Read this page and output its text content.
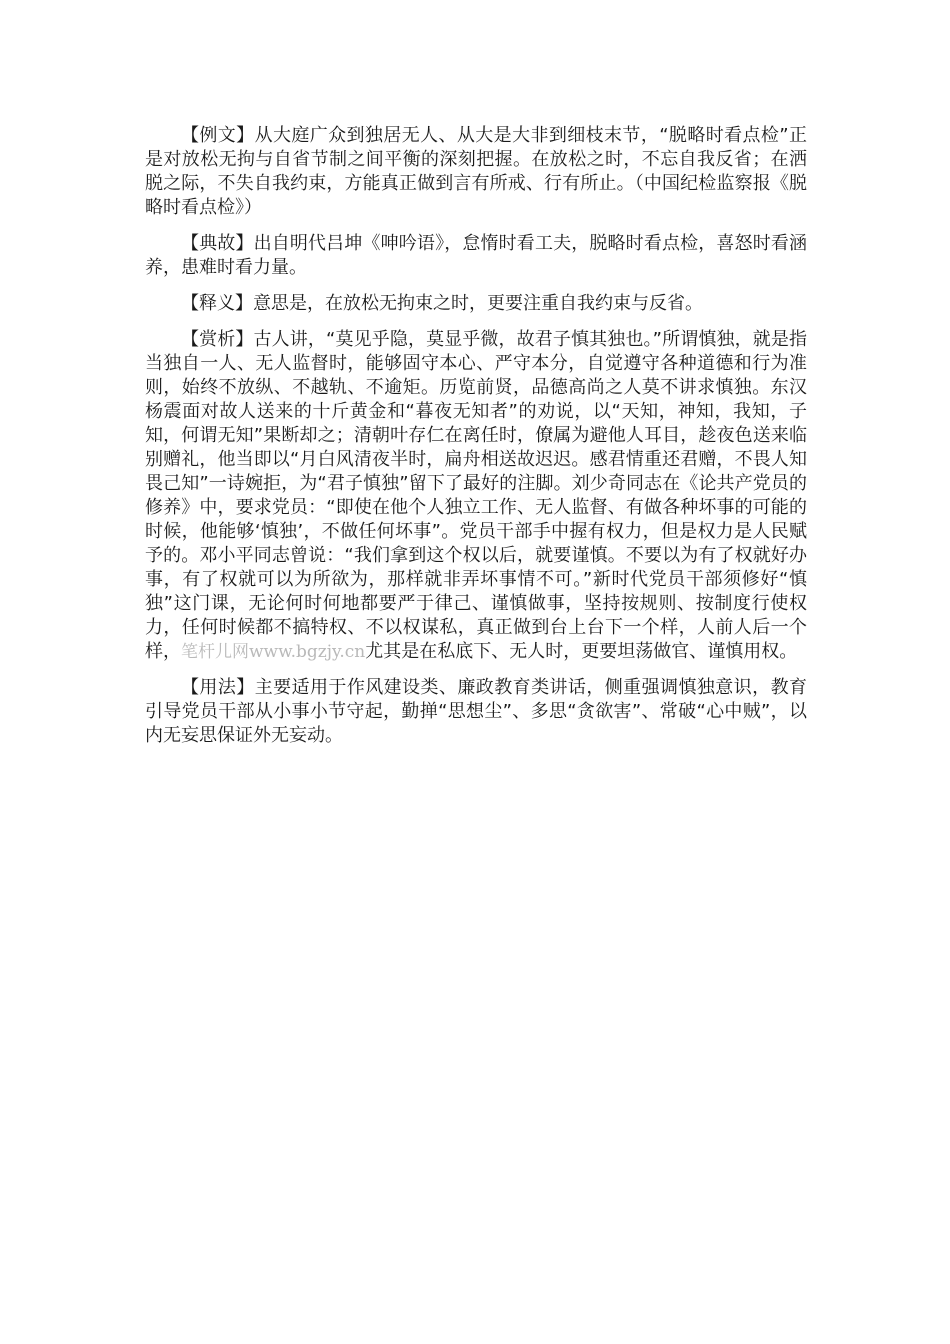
【例文】从大庭广众到独居无人、从大是大非到细枝末节，“脱略时看点检”正是对放松无拘与自省节制之间平衡的深刻把握。在放松之时，不忘自我反省；在洒脱之际，不失自我约束，方能真正做到言有所戒、行有所止。（中国纪检监察报《脱略时看点检》）

【典故】出自明代吕坤《呻吟语》，怠惰时看工夫，脱略时看点检，喜怒时看涵养，患难时看力量。

【释义】意思是，在放松无拘束之时，更要注重自我约束与反省。

【赏析】古人讲，“莫见乎隐，莫显乎微，故君子慎其独也。”所谓慎独，就是指当独自一人、无人监督时，能够固守本心、严守本分，自觉遵守各种道德和行为准则，始终不放纵、不越轨、不逾矩。历览前贤，品德高尚之人莫不讲求慎独。东汉杨震面对故人送来的十斤黄金和“暮夜无知者”的劝说，以“天知，神知，我知，子知，何谓无知”果断却之；清朝叶存仁在离任时，僚属为避他人耳目，趁夜色送来临别赠礼，他当即以“月白风清夜半时，扁舟相送故迟迟。感君情重还君赠，不畏人知畏己知”一诗婉拒，为“君子慎独”留下了最好的注脚。刘少奇同志在《论共产党员的修养》中，要求党员：“即使在他个人独立工作、无人监督、有做各种坏事的可能的时候，他能够‘慎独’，不做任何坏事”。党员干部手中握有权力，但是权力是人民赋予的。邓小平同志曾说：“我们拿到这个权以后，就要谨慎。不要以为有了权就好办事，有了权就可以为所欲为，那样就非弄坏事情不可。”新时代党员干部须修好“慎独”这门课，无论何时何地都要严于律己、谨慎做事，坚持按规则、按制度行使权力，任何时候都不搞特权、不以权谋私，真正做到台上台下一个样，人前人后一个样，笔杆儿网www.bgzjy.cn尤其是在私底下、无人时，更要坦荡做官、谨慎用权。

【用法】主要适用于作风建设类、廉政教育类讲话，侧重强调慎独意识，教育引导党员干部从小事小节守起，勤掸“思想尘”、多思“贪欲害”、常破“心中贼”，以内无妄思保证外无妄动。
